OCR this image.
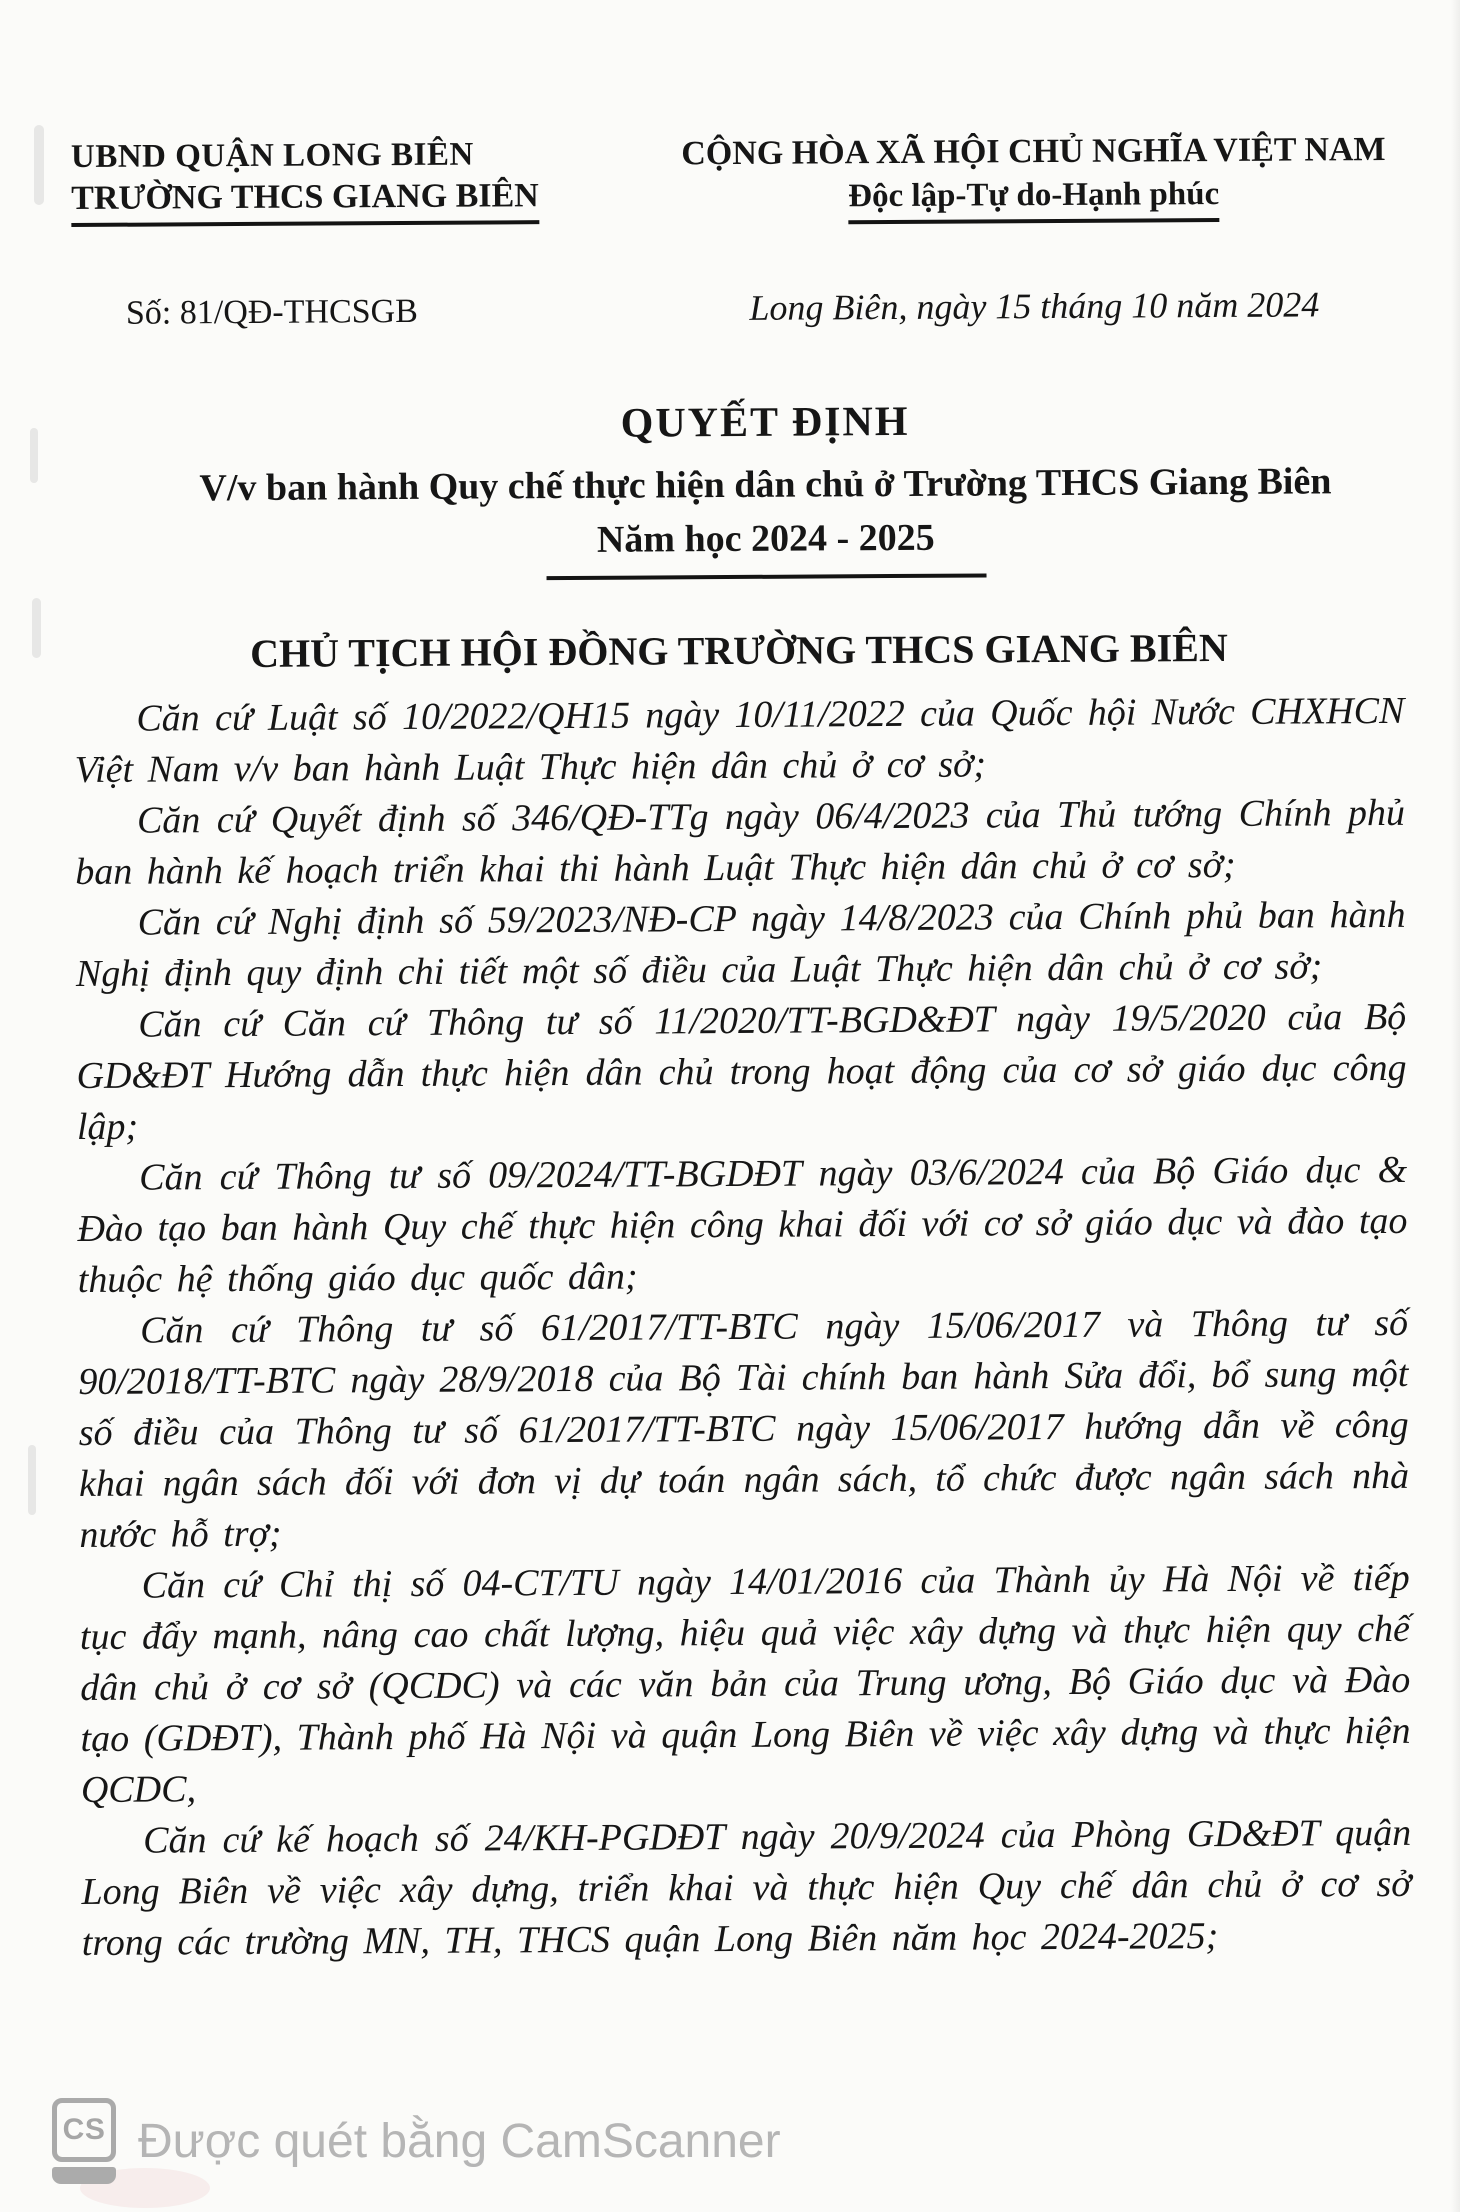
UBND QUẬN LONG BIÊN
TRƯỜNG THCS GIANG BIÊN
CỘNG HÒA XÃ HỘI CHỦ NGHĨA VIỆT NAM
Độc lập-Tự do-Hạnh phúc
Số: 81/QĐ-THCSGB	Long Biên, ngày 15 tháng 10 năm 2024
QUYẾT ĐỊNH
V/v ban hành Quy chế thực hiện dân chủ ở Trường THCS Giang Biên
Năm học 2024 - 2025
CHỦ TỊCH HỘI ĐỒNG TRƯỜNG THCS GIANG BIÊN

Căn cứ Luật số 10/2022/QH15 ngày 10/11/2022 của Quốc hội Nước CHXHCN Việt Nam v/v ban hành Luật Thực hiện dân chủ ở cơ sở;

Căn cứ Quyết định số 346/QĐ-TTg ngày 06/4/2023 của Thủ tướng Chính phủ ban hành kế hoạch triển khai thi hành Luật Thực hiện dân chủ ở cơ sở;

Căn cứ Nghị định số 59/2023/NĐ-CP ngày 14/8/2023 của Chính phủ ban hành Nghị định quy định chi tiết một số điều của Luật Thực hiện dân chủ ở cơ sở;

Căn cứ Căn cứ Thông tư số 11/2020/TT-BGD&ĐT ngày 19/5/2020 của Bộ GD&ĐT Hướng dẫn thực hiện dân chủ trong hoạt động của cơ sở giáo dục công lập;

Căn cứ Thông tư số 09/2024/TT-BGDĐT ngày 03/6/2024 của Bộ Giáo dục & Đào tạo ban hành Quy chế thực hiện công khai đối với cơ sở giáo dục và đào tạo thuộc hệ thống giáo dục quốc dân;

Căn cứ Thông tư số 61/2017/TT-BTC ngày 15/06/2017 và Thông tư số 90/2018/TT-BTC ngày 28/9/2018 của Bộ Tài chính ban hành Sửa đổi, bổ sung một số điều của Thông tư số 61/2017/TT-BTC ngày 15/06/2017 hướng dẫn về công khai ngân sách đối với đơn vị dự toán ngân sách, tổ chức được ngân sách nhà nước hỗ trợ;

Căn cứ Chỉ thị số 04-CT/TU ngày 14/01/2016 của Thành ủy Hà Nội về tiếp tục đẩy mạnh, nâng cao chất lượng, hiệu quả việc xây dựng và thực hiện quy chế dân chủ ở cơ sở (QCDC) và các văn bản của Trung ương, Bộ Giáo dục và Đào tạo (GDĐT), Thành phố Hà Nội và quận Long Biên về việc xây dựng và thực hiện QCDC,

Căn cứ kế hoạch số 24/KH-PGDĐT ngày 20/9/2024 của Phòng GD&ĐT quận Long Biên về việc xây dựng, triển khai và thực hiện Quy chế dân chủ ở cơ sở trong các trường MN, TH, THCS quận Long Biên năm học 2024-2025;

CS Được quét bằng CamScanner
